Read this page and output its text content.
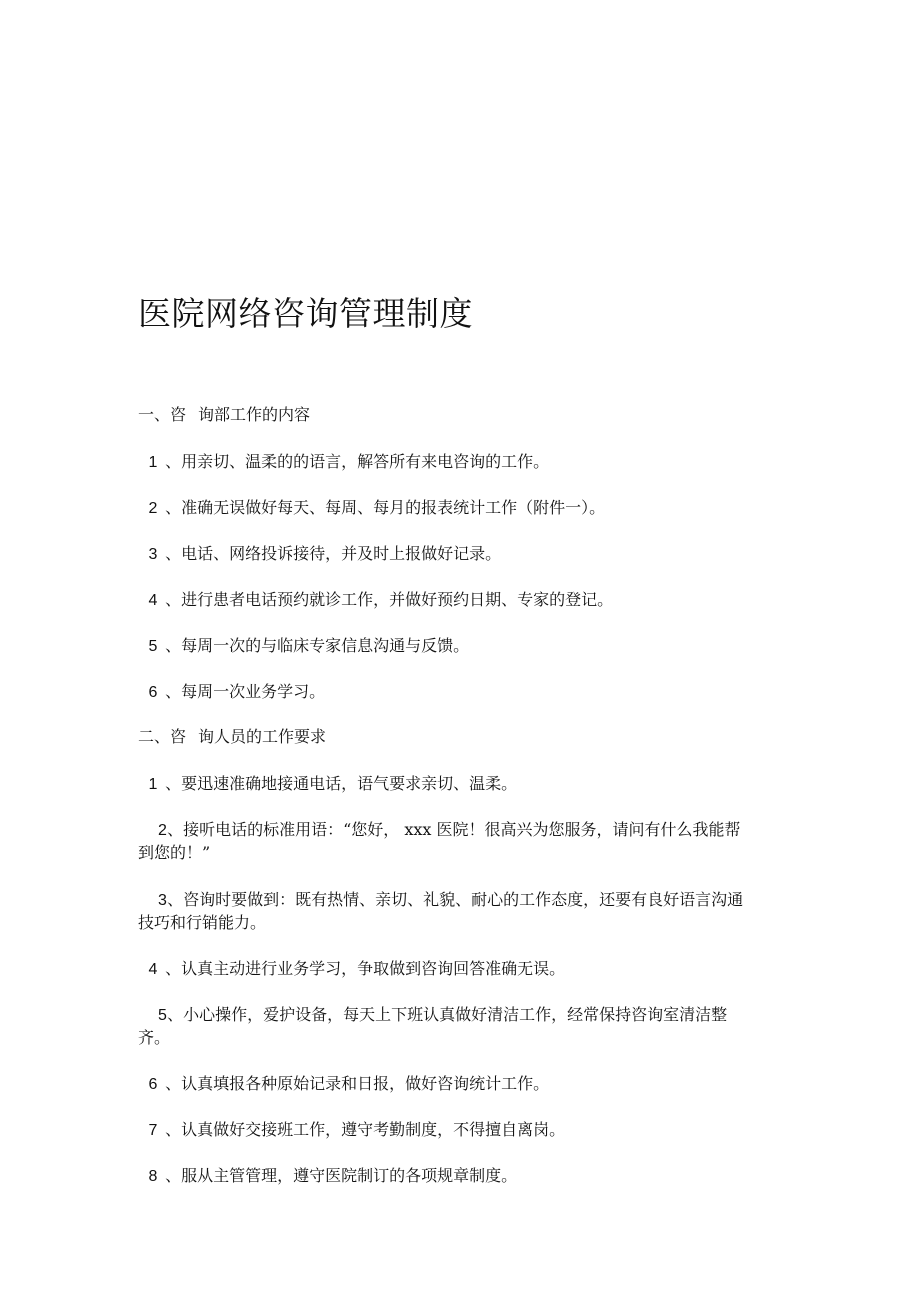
医院网络咨询管理制度
一、咨 询部工作的内容
1 、用亲切、温柔的的语言，解答所有来电咨询的工作。
2 、准确无误做好每天、每周、每月的报表统计工作（附件一）。
3 、电话、网络投诉接待，并及时上报做好记录。
4 、进行患者电话预约就诊工作，并做好预约日期、专家的登记。
5 、每周一次的与临床专家信息沟通与反馈。
6 、每周一次业务学习。
二、咨 询人员的工作要求
1 、要迅速准确地接通电话，语气要求亲切、温柔。
2 、接听电话的标准用语：“您好， xxx 医院！很高兴为您服务，请问有什么我能帮到您的！”
3 、咨询时要做到：既有热情、亲切、礼貌、耐心的工作态度，还要有良好语言沟通技巧和行销能力。
4 、认真主动进行业务学习，争取做到咨询回答准确无误。
5 、小心操作，爱护设备，每天上下班认真做好清洁工作，经常保持咨询室清洁整齐。
6 、认真填报各种原始记录和日报，做好咨询统计工作。
7 、认真做好交接班工作，遵守考勤制度，不得擅自离岗。
8 、服从主管管理，遵守医院制订的各项规章制度。
